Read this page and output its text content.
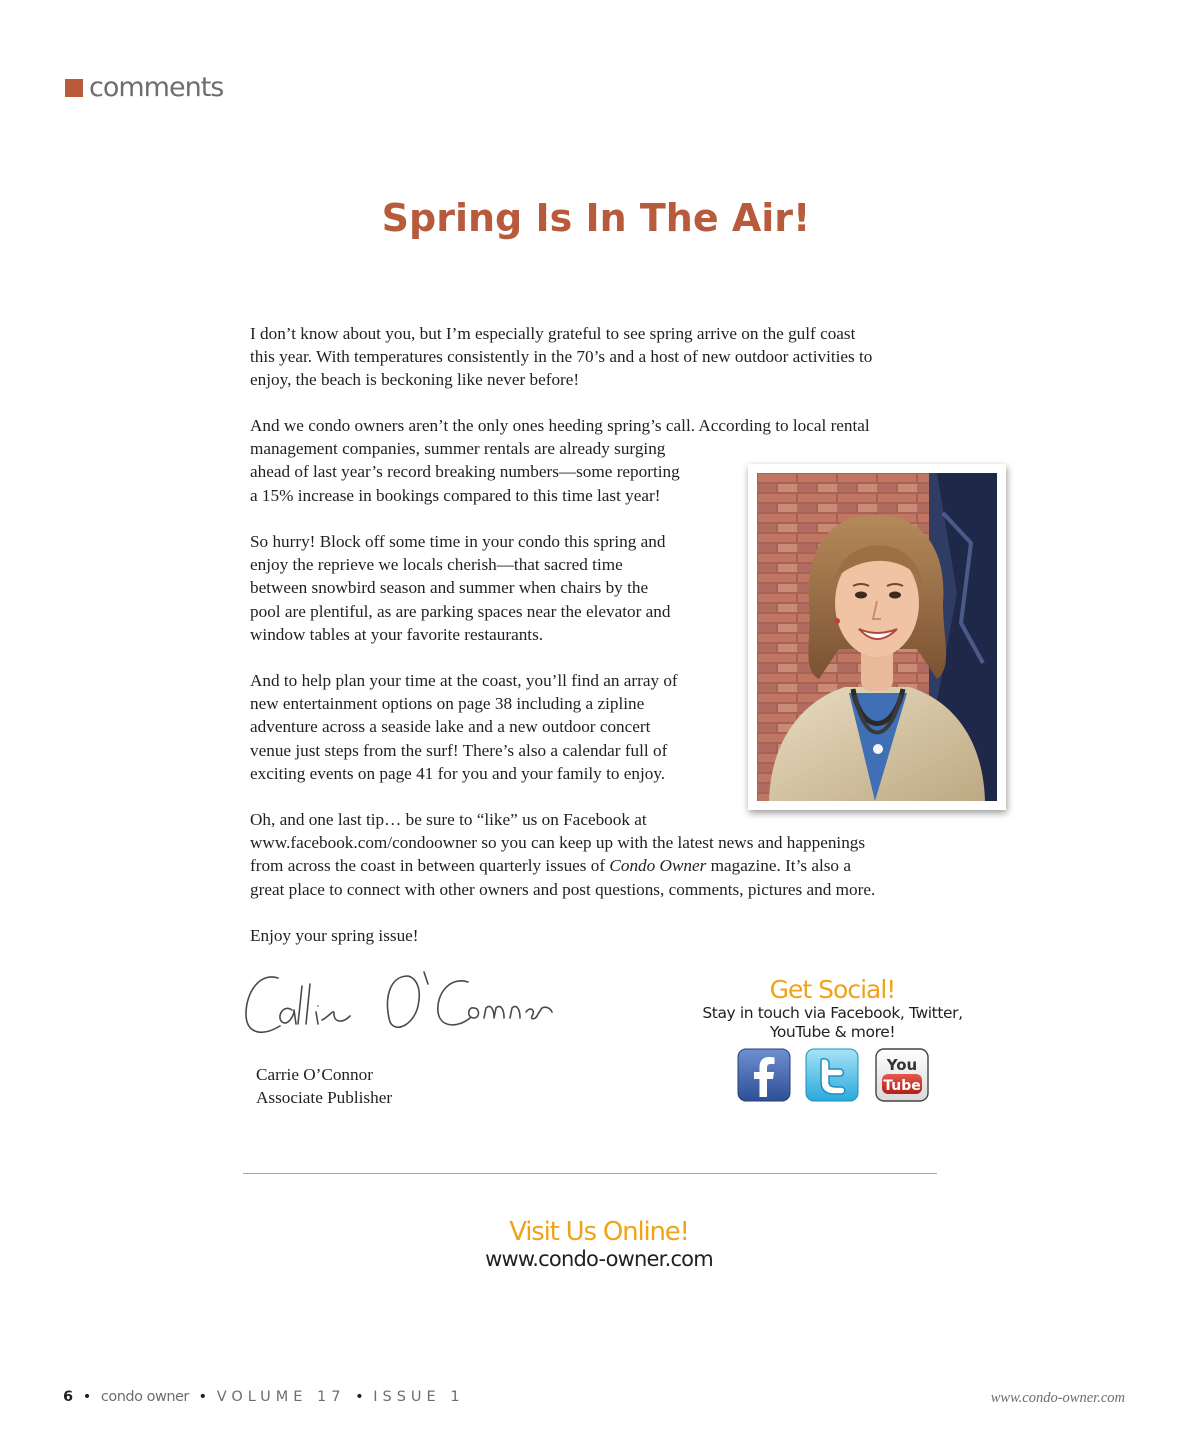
comments
Spring Is In The Air!

I don’t know about you, but I’m especially grateful to see spring arrive on the gulf coast
this year. With temperatures consistently in the 70’s and a host of new outdoor activities to
enjoy, the beach is beckoning like never before!

And we condo owners aren’t the only ones heeding spring’s call. According to local rental
management companies, summer rentals are already surging
ahead of last year’s record breaking numbers—some reporting
a 15% increase in bookings compared to this time last year!

So hurry! Block off some time in your condo this spring and
enjoy the reprieve we locals cherish—that sacred time
between snowbird season and summer when chairs by the
pool are plentiful, as are parking spaces near the elevator and
window tables at your favorite restaurants.

And to help plan your time at the coast, you’ll find an array of
new entertainment options on page 38 including a zipline
adventure across a seaside lake and a new outdoor concert
venue just steps from the surf! There’s also a calendar full of
exciting events on page 41 for you and your family to enjoy.

Oh, and one last tip… be sure to “like” us on Facebook at
www.facebook.com/condoowner so you can keep up with the latest news and happenings
from across the coast in between quarterly issues of Condo Owner magazine. It’s also a
great place to connect with other owners and post questions, comments, pictures and more.

Enjoy your spring issue!

Carrie O’Connor
Associate Publisher
Get Social!
Stay in touch via Facebook, Twitter,
YouTube & more!
You
Tube
Visit Us Online!
www.condo-owner.com
6 • condo owner • VOLUME 17 • ISSUE 1	www.condo-owner.com
